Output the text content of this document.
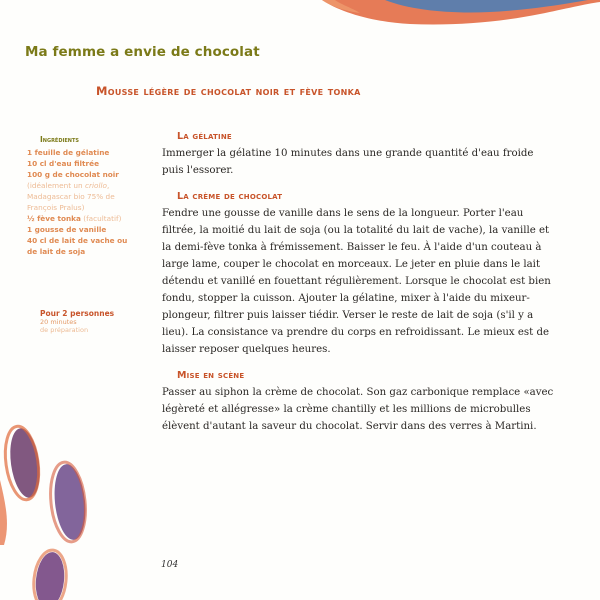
Ma femme a envie de chocolat
Mousse légère de chocolat noir et fève tonka
Ingrédients
1 feuille de gélatine
10 cl d'eau filtrée
100 g de chocolat noir
(idéalement un criollo,
Madagascar bio 75% de
François Pralus)
½ fève tonka (facultatif)
1 gousse de vanille
40 cl de lait de vache ou
de lait de soja
Pour 2 personnes
20 minutes
de préparation
La gélatine

Immerger la gélatine 10 minutes dans une grande quantité d'eau froide puis l'essorer.

La crème de chocolat

Fendre une gousse de vanille dans le sens de la longueur. Porter l'eau filtrée, la moitié du lait de soja (ou la totalité du lait de vache), la vanille et la demi-fève tonka à frémissement. Baisser le feu. À l'aide d'un couteau à large lame, couper le chocolat en morceaux. Le jeter en pluie dans le lait détendu et vanillé en fouettant régulièrement. Lorsque le chocolat est bien fondu, stopper la cuisson. Ajouter la gélatine, mixer à l'aide du mixeur-plongeur, filtrer puis laisser tiédir. Verser le reste de lait de soja (s'il y a lieu). La consistance va prendre du corps en refroidissant. Le mieux est de laisser reposer quelques heures.

Mise en scène

Passer au siphon la crème de chocolat. Son gaz carbonique remplace «avec légèreté et allégresse» la crème chantilly et les millions de microbulles élèvent d'autant la saveur du chocolat. Servir dans des verres à Martini.

104
